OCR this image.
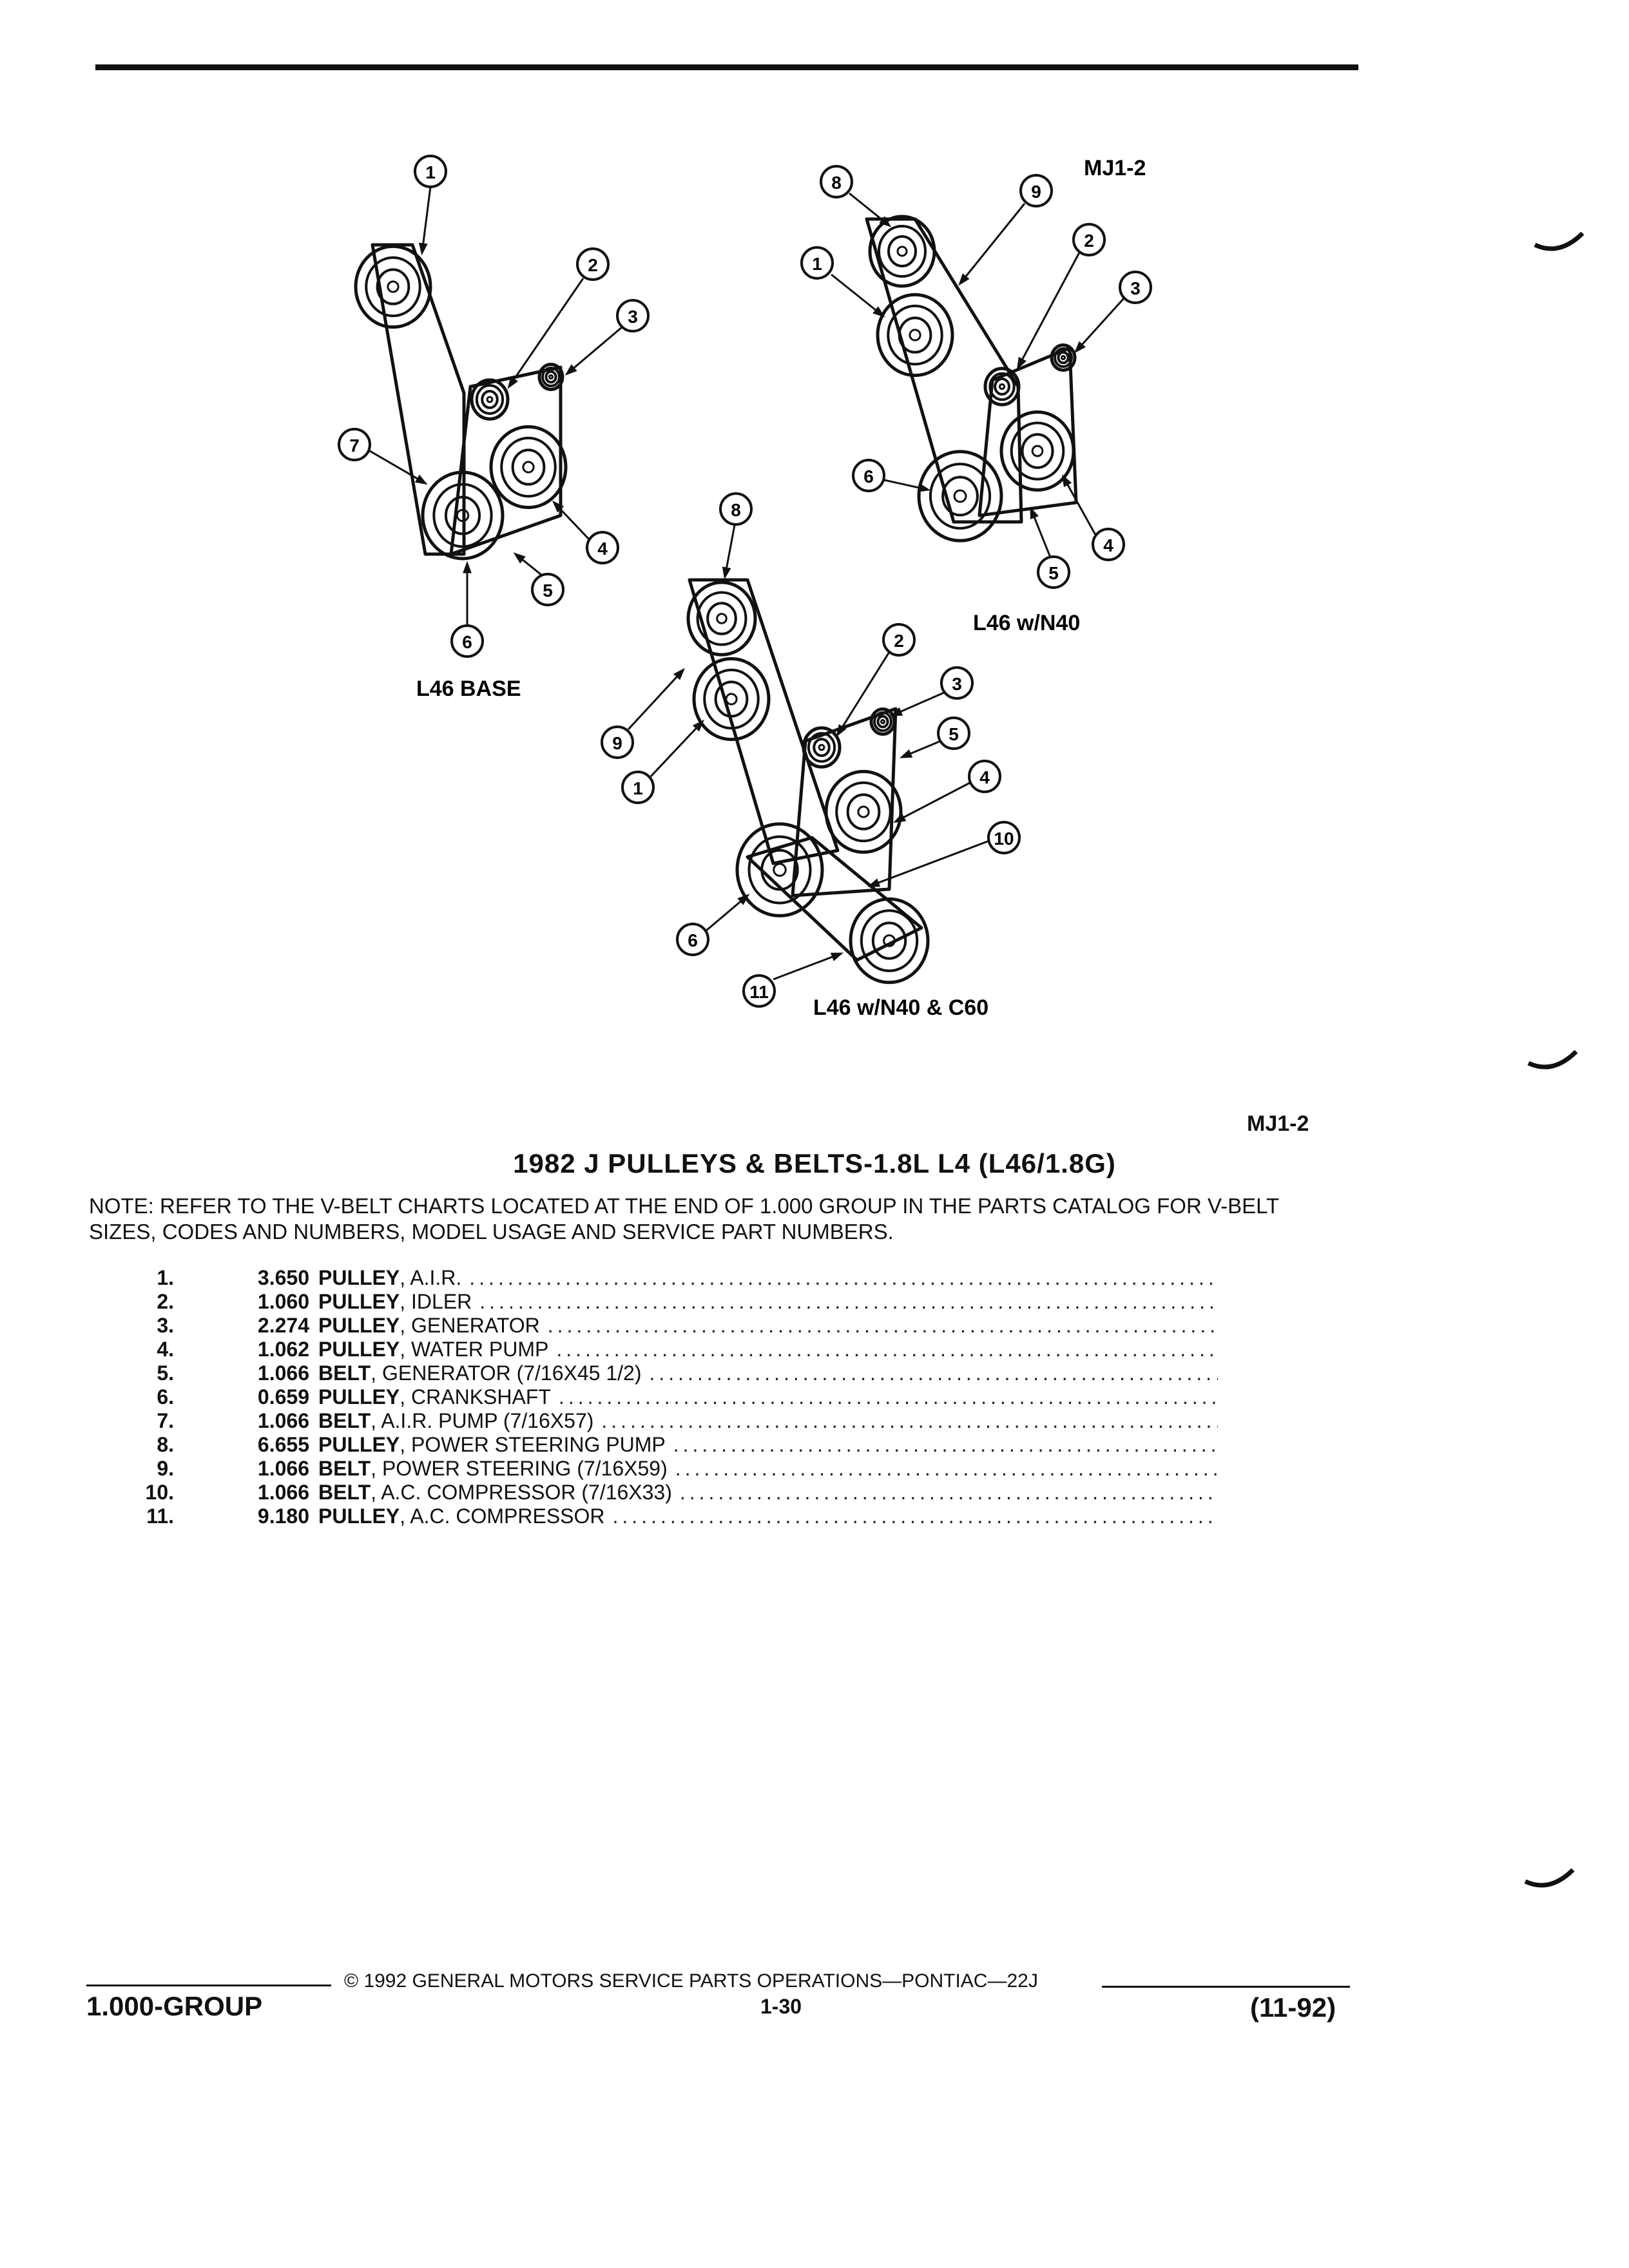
1
2
3
7
4
5
6
8	9
1
2
3
6
4
5
8
2
3
5
4
10
9
1
6
11
MJ1-2
L46 BASE
L46 w/N40
L46 w/N40 & C60
MJ1-2
1982 J PULLEYS & BELTS-1.8L L4 (L46/1.8G)
NOTE: REFER TO THE V-BELT CHARTS LOCATED AT THE END OF 1.000 GROUP IN THE PARTS CATALOG FOR V-BELT SIZES, CODES AND NUMBERS, MODEL USAGE AND SERVICE PART NUMBERS.
1.	3.650 PULLEY , A.I.R.
.....
2.	1.060 PULLEY , IDLER
.....
3.	2.274 PULLEY , GENERATOR
.....
4.	1.062 PULLEY , WATER PUMP
.....
5.	1.066 BELT , GENERATOR (7/16X45 1/2)
.....
6.	0.659 PULLEY , CRANKSHAFT
.....
7.	1.066 BELT , A.I.R. PUMP (7/16X57)
.....
8.	6.655 PULLEY , POWER STEERING PUMP
.....
9.	1.066 BELT , POWER STEERING (7/16X59)
.....
10.	1.066 BELT , A.C. COMPRESSOR (7/16X33)
.....
11.	9.180 PULLEY , A.C. COMPRESSOR
.....
© 1992 GENERAL MOTORS SERVICE PARTS OPERATIONS—PONTIAC—22J
1.000-GROUP	1-30	(11-92)
